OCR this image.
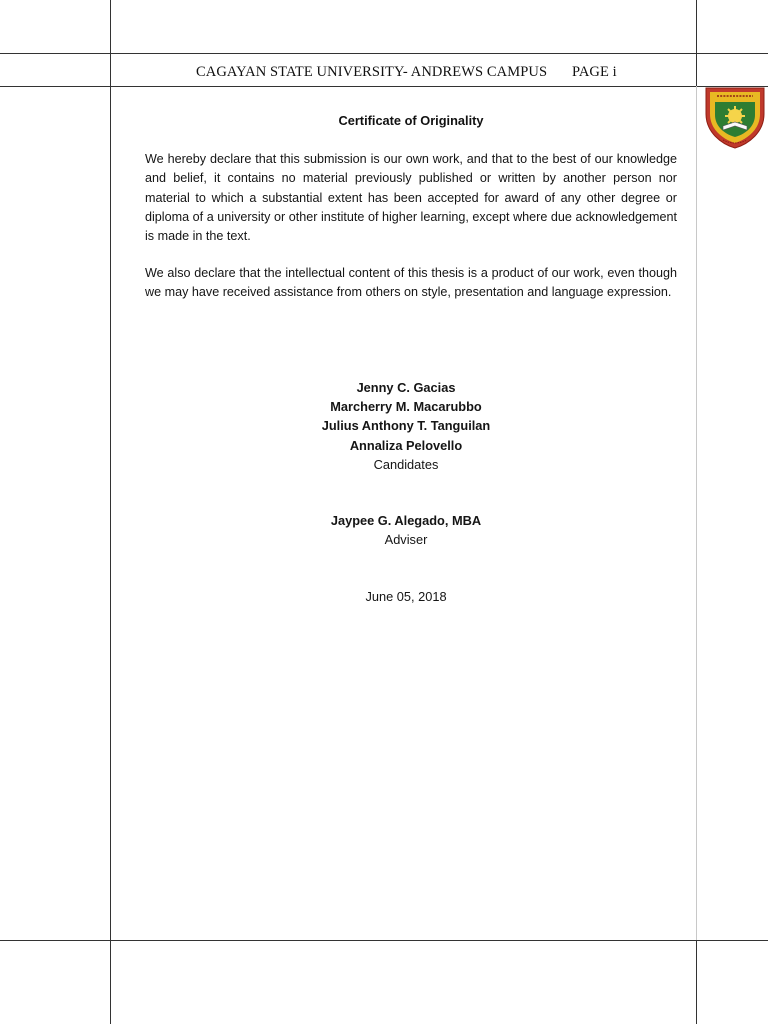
CAGAYAN STATE UNIVERSITY- ANDREWS CAMPUS PAGE i
Certificate of Originality

We hereby declare that this submission is our own work, and that to the best of our knowledge and belief, it contains no material previously published or written by another person nor material to which a substantial extent has been accepted for award of any other degree or diploma of a university or other institute of higher learning, except where due acknowledgement is made in the text.

We also declare that the intellectual content of this thesis is a product of our work, even though we may have received assistance from others on style, presentation and language expression.

Jenny C. Gacias
Marcherry M. Macarubbo
Julius Anthony T. Tanguilan
Annaliza Pelovello
Candidates
Jaypee G. Alegado, MBA
Adviser
June 05, 2018
